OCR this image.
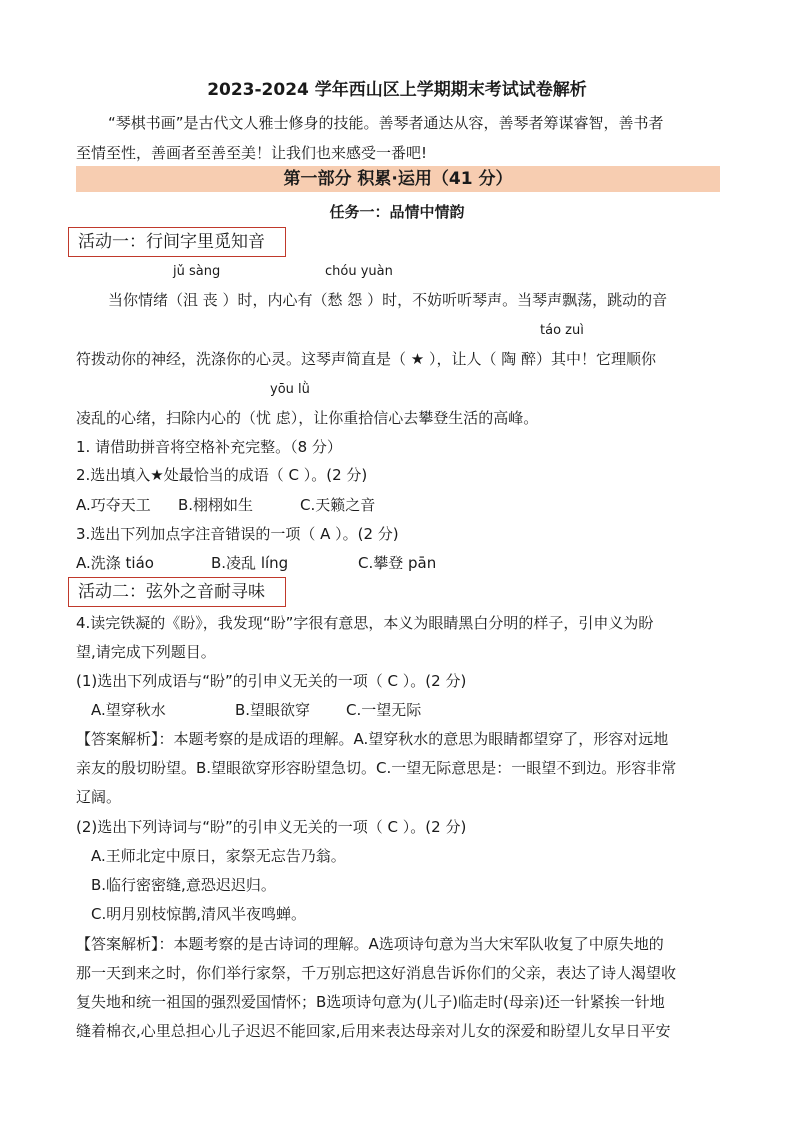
2023-2024 学年西山区上学期期末考试试卷解析
“琴棋书画”是古代文人雅士修身的技能。善琴者通达从容，善琴者筹谋睿智，善书者
至情至性，善画者至善至美！让我们也来感受一番吧!
第一部分 积累·运用（41 分）
任务一：品情中情韵
活动一：行间字里觅知音
jǔ sàng	chóu yuàn
当你情绪（沮 丧 ）时，内心有（愁 怨 ）时，不妨听听琴声。当琴声飘荡，跳动的音
táo zuì
符拨动你的神经，洗涤你的心灵。这琴声简直是（ ★ ），让人（ 陶 醉）其中！它理顺你
yōu lǜ
凌乱的心绪，扫除内心的（忧 虑），让你重拾信心去攀登生活的高峰。
1. 请借助拼音将空格补充完整。（8 分）
2.选出填入★处最恰当的成语（ C ）。(2 分)
A.巧夺天工 B.栩栩如生	C.天籁之音
3.选出下列加点字注音错误的一项（ A ）。(2 分)
A.洗涤 tiáo	B.凌乱 líng	C.攀登 pān
活动二：弦外之音耐寻味
4.读完铁凝的《盼》，我发现“盼”字很有意思，本义为眼睛黑白分明的样子，引申义为盼
望,请完成下列题目。
(1)选出下列成语与“盼”的引申义无关的一项（ C ）。(2 分)
A.望穿秋水	B.望眼欲穿 C.一望无际
【答案解析】：本题考察的是成语的理解。A.望穿秋水的意思为眼睛都望穿了，形容对远地
亲友的殷切盼望。B.望眼欲穿形容盼望急切。C.一望无际意思是：一眼望不到边。形容非常
辽阔。
(2)选出下列诗词与“盼”的引申义无关的一项（ C ）。(2 分)
A.王师北定中原日，家祭无忘告乃翁。
B.临行密密缝,意恐迟迟归。
C.明月别枝惊鹊,清风半夜鸣蝉。
【答案解析】：本题考察的是古诗词的理解。A选项诗句意为当大宋军队收复了中原失地的
那一天到来之时，你们举行家祭，千万别忘把这好消息告诉你们的父亲，表达了诗人渴望收
复失地和统一祖国的强烈爱国情怀；B选项诗句意为(儿子)临走时(母亲)还一针紧挨一针地
缝着棉衣,心里总担心儿子迟迟不能回家,后用来表达母亲对儿女的深爱和盼望儿女早日平安
